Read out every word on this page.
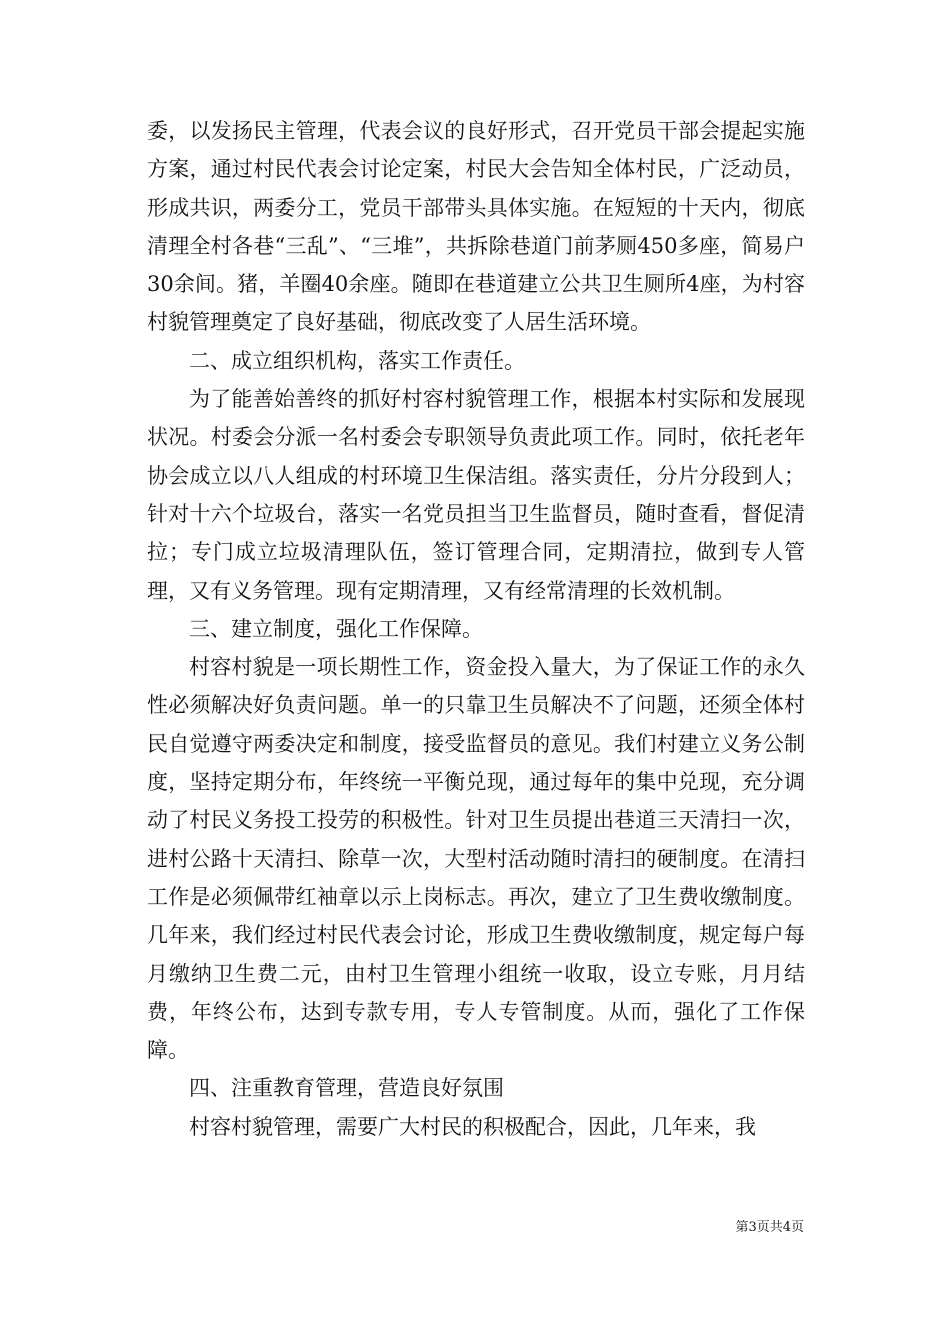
委，以发扬民主管理，代表会议的良好形式，召开党员干部会提起实施方案，通过村民代表会讨论定案，村民大会告知全体村民，广泛动员，形成共识，两委分工，党员干部带头具体实施。在短短的十天内，彻底清理全村各巷“三乱”、“三堆”，共拆除巷道门前茅厕450多座，简易户30余间。猪，羊圈40余座。随即在巷道建立公共卫生厕所4座，为村容村貌管理奠定了良好基础，彻底改变了人居生活环境。

二、成立组织机构，落实工作责任。

为了能善始善终的抓好村容村貌管理工作，根据本村实际和发展现状况。村委会分派一名村委会专职领导负责此项工作。同时，依托老年协会成立以八人组成的村环境卫生保洁组。落实责任，分片分段到人；针对十六个垃圾台，落实一名党员担当卫生监督员，随时查看，督促清拉；专门成立垃圾清理队伍，签订管理合同，定期清拉，做到专人管理，又有义务管理。现有定期清理，又有经常清理的长效机制。

三、建立制度，强化工作保障。

村容村貌是一项长期性工作，资金投入量大，为了保证工作的永久性必须解决好负责问题。单一的只靠卫生员解决不了问题，还须全体村民自觉遵守两委决定和制度，接受监督员的意见。我们村建立义务公制度，坚持定期分布，年终统一平衡兑现，通过每年的集中兑现，充分调动了村民义务投工投劳的积极性。针对卫生员提出巷道三天清扫一次，进村公路十天清扫、除草一次，大型村活动随时清扫的硬制度。在清扫工作是必须佩带红袖章以示上岗标志。再次，建立了卫生费收缴制度。几年来，我们经过村民代表会讨论，形成卫生费收缴制度，规定每户每月缴纳卫生费二元，由村卫生管理小组统一收取，设立专账，月月结费，年终公布，达到专款专用，专人专管制度。从而，强化了工作保障。

四、注重教育管理，营造良好氛围

村容村貌管理，需要广大村民的积极配合，因此，几年来，我

第3页共4页
